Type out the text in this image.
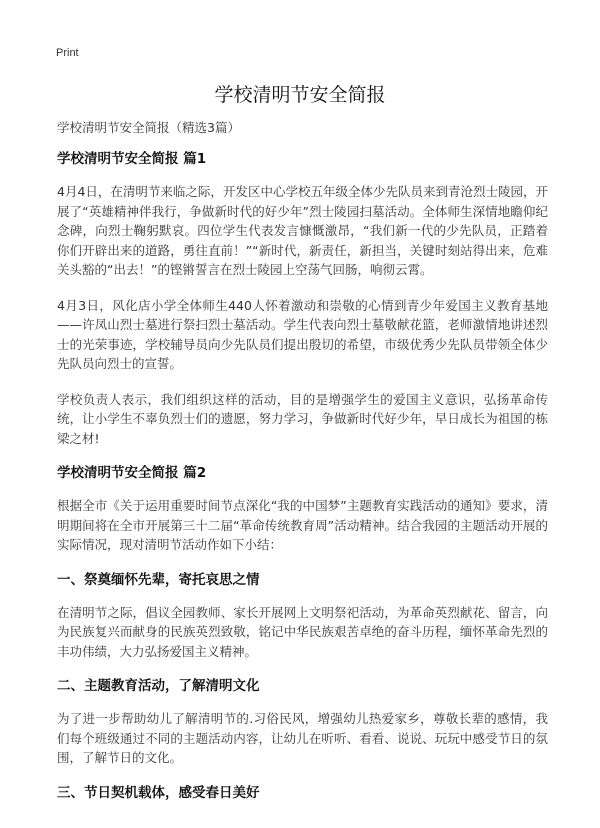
Print
学校清明节安全简报

学校清明节安全简报（精选3篇）

学校清明节安全简报 篇1

4月4日，在清明节来临之际，开发区中心学校五年级全体少先队员来到青沧烈士陵园，开展了“英雄精神伴我行，争做新时代的好少年”烈士陵园扫墓活动。全体师生深情地瞻仰纪念碑，向烈士鞠躬默哀。四位学生代表发言慷慨激昂，“我们新一代的少先队员，正踏着你们开辟出来的道路，勇往直前！”“新时代，新责任，新担当，关键时刻站得出来，危难关头豁的“出去！”的铿锵誓言在烈士陵园上空荡气回肠，响彻云霄。

4月3日，风化店小学全体师生440人怀着激动和崇敬的心情到青少年爱国主义教育基地——许凤山烈士墓进行祭扫烈士墓活动。学生代表向烈士墓敬献花篮，老师激情地讲述烈士的光荣事迹，学校辅导员向少先队员们提出殷切的希望，市级优秀少先队员带领全体少先队员向烈士的宣誓。

学校负责人表示，我们组织这样的活动，目的是增强学生的爱国主义意识，弘扬革命传统，让小学生不辜负烈士们的遗愿，努力学习，争做新时代好少年，早日成长为祖国的栋梁之材!

学校清明节安全简报 篇2

根据全市《关于运用重要时间节点深化“我的中国梦”主题教育实践活动的通知》要求，清明期间将在全市开展第三十二届“革命传统教育周”活动精神。结合我园的主题活动开展的实际情况，现对清明节活动作如下小结：

一、祭奠缅怀先辈，寄托哀思之情

在清明节之际，倡议全园教师、家长开展网上文明祭祀活动，为革命英烈献花、留言，向为民族复兴而献身的民族英烈致敬，铭记中华民族艰苦卓绝的奋斗历程，缅怀革命先烈的丰功伟绩，大力弘扬爱国主义精神。

二、主题教育活动，了解清明文化

为了进一步帮助幼儿了解清明节的.习俗民风，增强幼儿热爱家乡，尊敬长辈的感情，我们每个班级通过不同的主题活动内容，让幼儿在听听、看看、说说、玩玩中感受节日的氛围，了解节日的文化。

三、节日契机载体，感受春日美好
